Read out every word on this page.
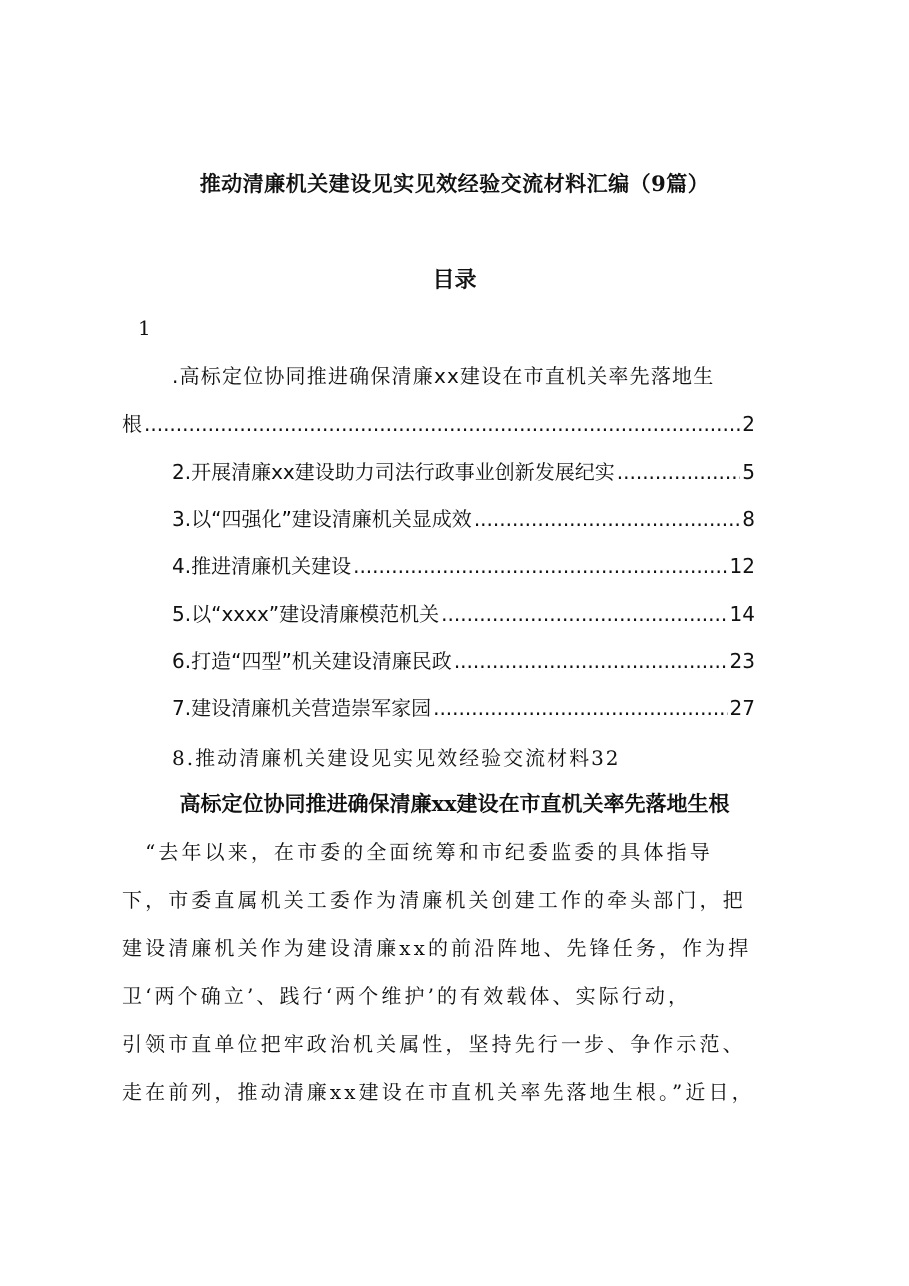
推动清廉机关建设见实见效经验交流材料汇编（9篇）
目录
1
.高标定位协同推进确保清廉xx建设在市直机关率先落地生
根 .....	2
2.开展清廉xx建设助力司法行政事业创新发展纪实 .....	5
3.以“四强化”建设清廉机关显成效 .....	8
4.推进清廉机关建设 .....	12
5.以“xxxx”建设清廉模范机关 .....	14
6.打造“四型”机关建设清廉民政 .....	23
7.建设清廉机关营造崇军家园 .....	27
8.推动清廉机关建设见实见效经验交流材料32
高标定位协同推进确保清廉xx建设在市直机关率先落地生根
　“去年以来，在市委的全面统筹和市纪委监委的具体指导
下，市委直属机关工委作为清廉机关创建工作的牵头部门，把
建设清廉机关作为建设清廉xx的前沿阵地、先锋任务，作为捍
卫‘两个确立’、践行‘两个维护’的有效载体、实际行动，
引领市直单位把牢政治机关属性，坚持先行一步、争作示范、
走在前列，推动清廉xx建设在市直机关率先落地生根。”近日，
